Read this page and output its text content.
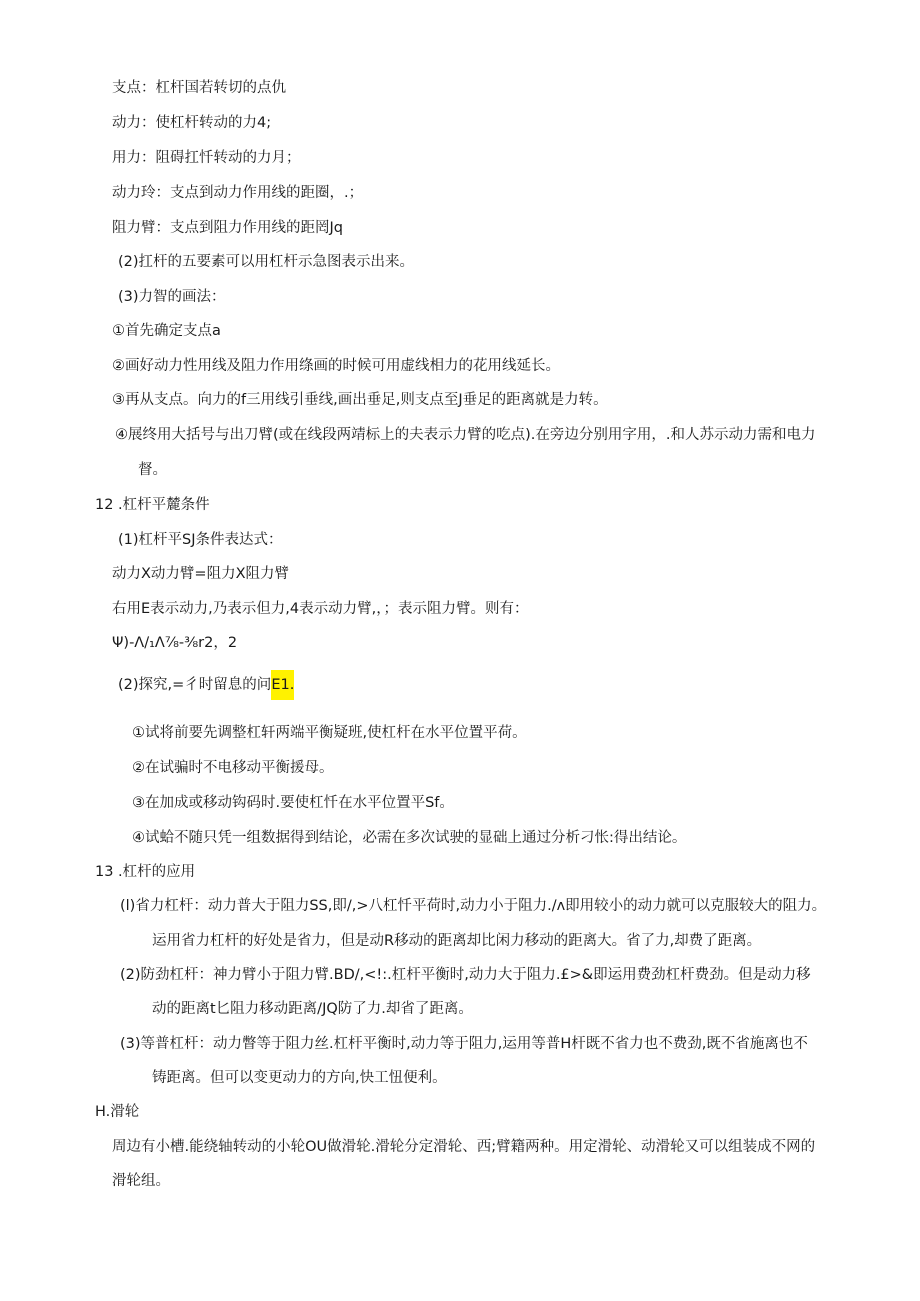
支点：杠杆国若转切的点仇
动力：使杠杆转动的力4;
用力：阻碍扛忏转动的力月；
动力玲：支点到动力作用线的距圈，.；
阻力臂：支点到阻力作用线的距罔Jq
(2)扛杆的五要素可以用杠杆示急图表示出来。
(3)力智的画法：
①首先确定支点a
②画好动力性用线及阻力作用绦画的时候可用虚线相力的花用线延长。
③再从支点。向力的f三用线引垂线,画出垂足,则支点至J垂足的距离就是力转。
④展终用大括号与出刀臂(或在线段两靖标上的夫表示力臂的吃点).在旁边分别用字用，.和人苏示动力需和电力
督。
12 .杠杆平麓条件
(1)杠杆平SJ条件表达式：
动力X动力臂=阻力X阻力臂
右用E表示动力,乃表示但力,4表示动力臂,，；表示阻力臂。则有：
Ψ)-Λ∕₁Λ⅞-⅜r2，2
(2)探究,=彳时留息的问E1.
①试将前要先调整杠轩两端平衡疑班,使杠杆在水平位置平荷。
②在试骗时不电移动平衡援母。
③在加成或移动钩码时.要使杠忏在水平位置平Sf。
④试蛤不随只凭一组数据得到结论，必需在多次试驶的显础上通过分析刁怅:得出结论。
13 .杠杆的应用
(l)省力杠杆：动力普大于阻力SS,即/,>八杠忏平荷时,动力小于阻力.∕ʌ即用较小的动力就可以克服较大的阻力。
运用省力杠杆的好处是省力，但是动R移动的距离却比闲力移动的距离大。省了力,却费了距离。
(2)防劲杠杆：神力臂小于阻力臂.BD/,<!:.杠杆平衡时,动力大于阻力.£>&即运用费劲杠杆费劲。但是动力移
动的距离t匕阻力移动距离/JQ防了力.却省了距离。
(3)等普杠杆：动力瞥等于阻力丝.杠杆平衡时,动力等于阻力,运用等普H杆既不省力也不费劲,既不省施离也不
铸距离。但可以变更动力的方向,快工忸便利。
H.滑轮
周边有小槽.能绕轴转动的小轮OU做滑轮.滑轮分定滑轮、西;臂籍两种。用定滑轮、动滑轮又可以组装成不网的
滑轮组。
